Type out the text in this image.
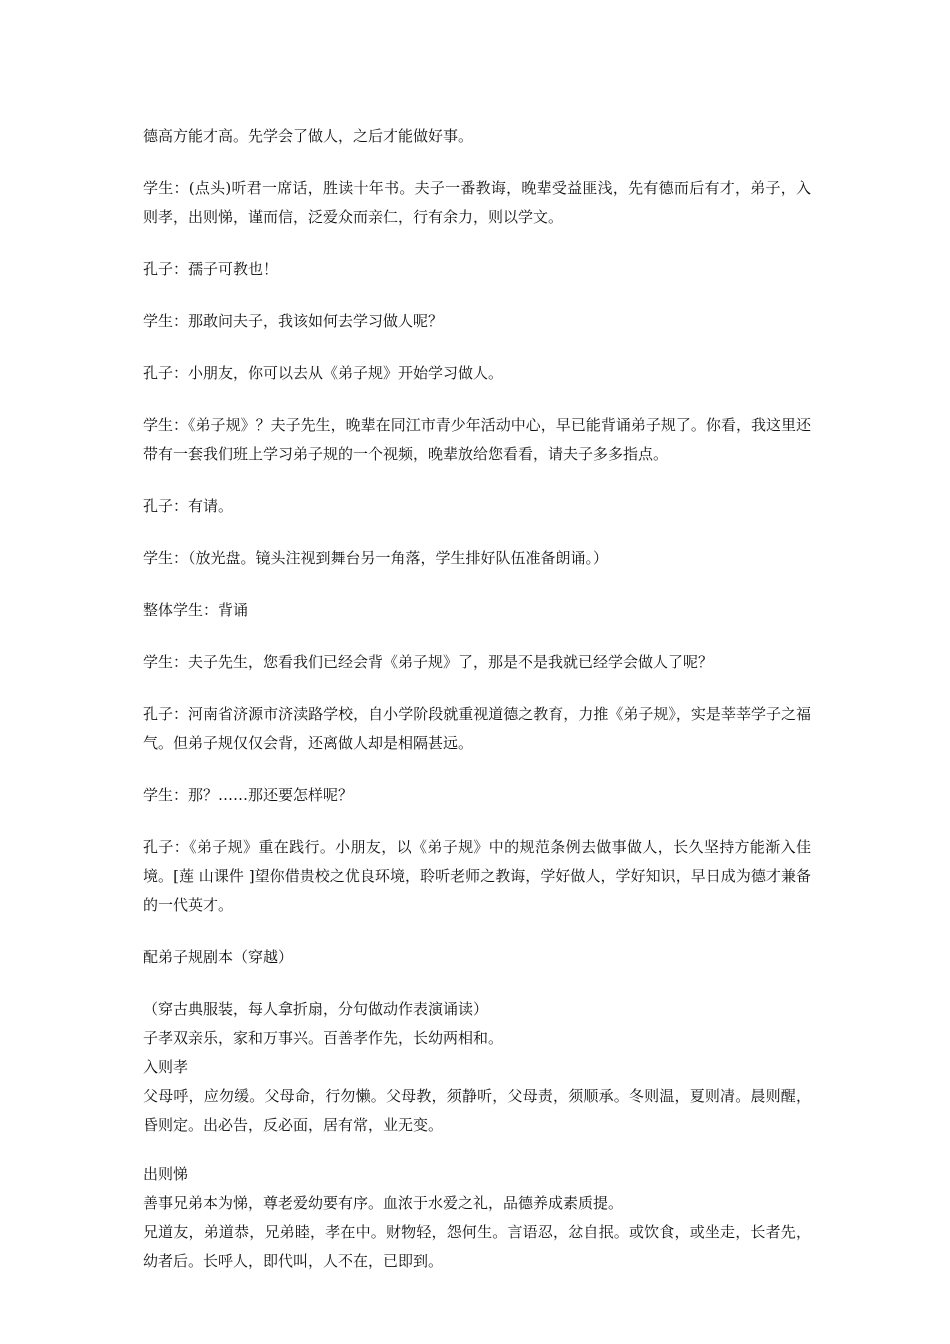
德高方能才高。先学会了做人，之后才能做好事。

学生：(点头)听君一席话，胜读十年书。夫子一番教诲，晚辈受益匪浅，先有德而后有才，弟子，入则孝，出则悌，谨而信，泛爱众而亲仁，行有余力，则以学文。

孔子：孺子可教也！

学生：那敢问夫子，我该如何去学习做人呢？

孔子：小朋友，你可以去从《弟子规》开始学习做人。

学生：《弟子规》？夫子先生，晚辈在同江市青少年活动中心，早已能背诵弟子规了。你看，我这里还带有一套我们班上学习弟子规的一个视频，晚辈放给您看看，请夫子多多指点。

孔子：有请。

学生：（放光盘。镜头注视到舞台另一角落，学生排好队伍准备朗诵。）

整体学生：背诵

学生：夫子先生，您看我们已经会背《弟子规》了，那是不是我就已经学会做人了呢？

孔子：河南省济源市济渎路学校，自小学阶段就重视道德之教育，力推《弟子规》，实是莘莘学子之福气。但弟子规仅仅会背，还离做人却是相隔甚远。

学生：那？……那还要怎样呢？

孔子：《弟子规》重在践行。小朋友，以《弟子规》中的规范条例去做事做人，长久坚持方能渐入佳境。[莲 山课件 ]望你借贵校之优良环境，聆听老师之教诲，学好做人，学好知识，早日成为德才兼备的一代英才。

配弟子规剧本（穿越）

（穿古典服装，每人拿折扇，分句做动作表演诵读）

子孝双亲乐，家和万事兴。百善孝作先，长幼两相和。

入则孝

父母呼，应勿缓。父母命，行勿懒。父母教，须静听，父母责，须顺承。冬则温，夏则凊。晨则醒，昏则定。出必告，反必面，居有常，业无变。

出则悌

善事兄弟本为悌，尊老爱幼要有序。血浓于水爱之礼，品德养成素质提。

兄道友，弟道恭，兄弟睦，孝在中。财物轻，怨何生。言语忍，忿自抿。或饮食，或坐走，长者先，幼者后。长呼人，即代叫，人不在，已即到。
